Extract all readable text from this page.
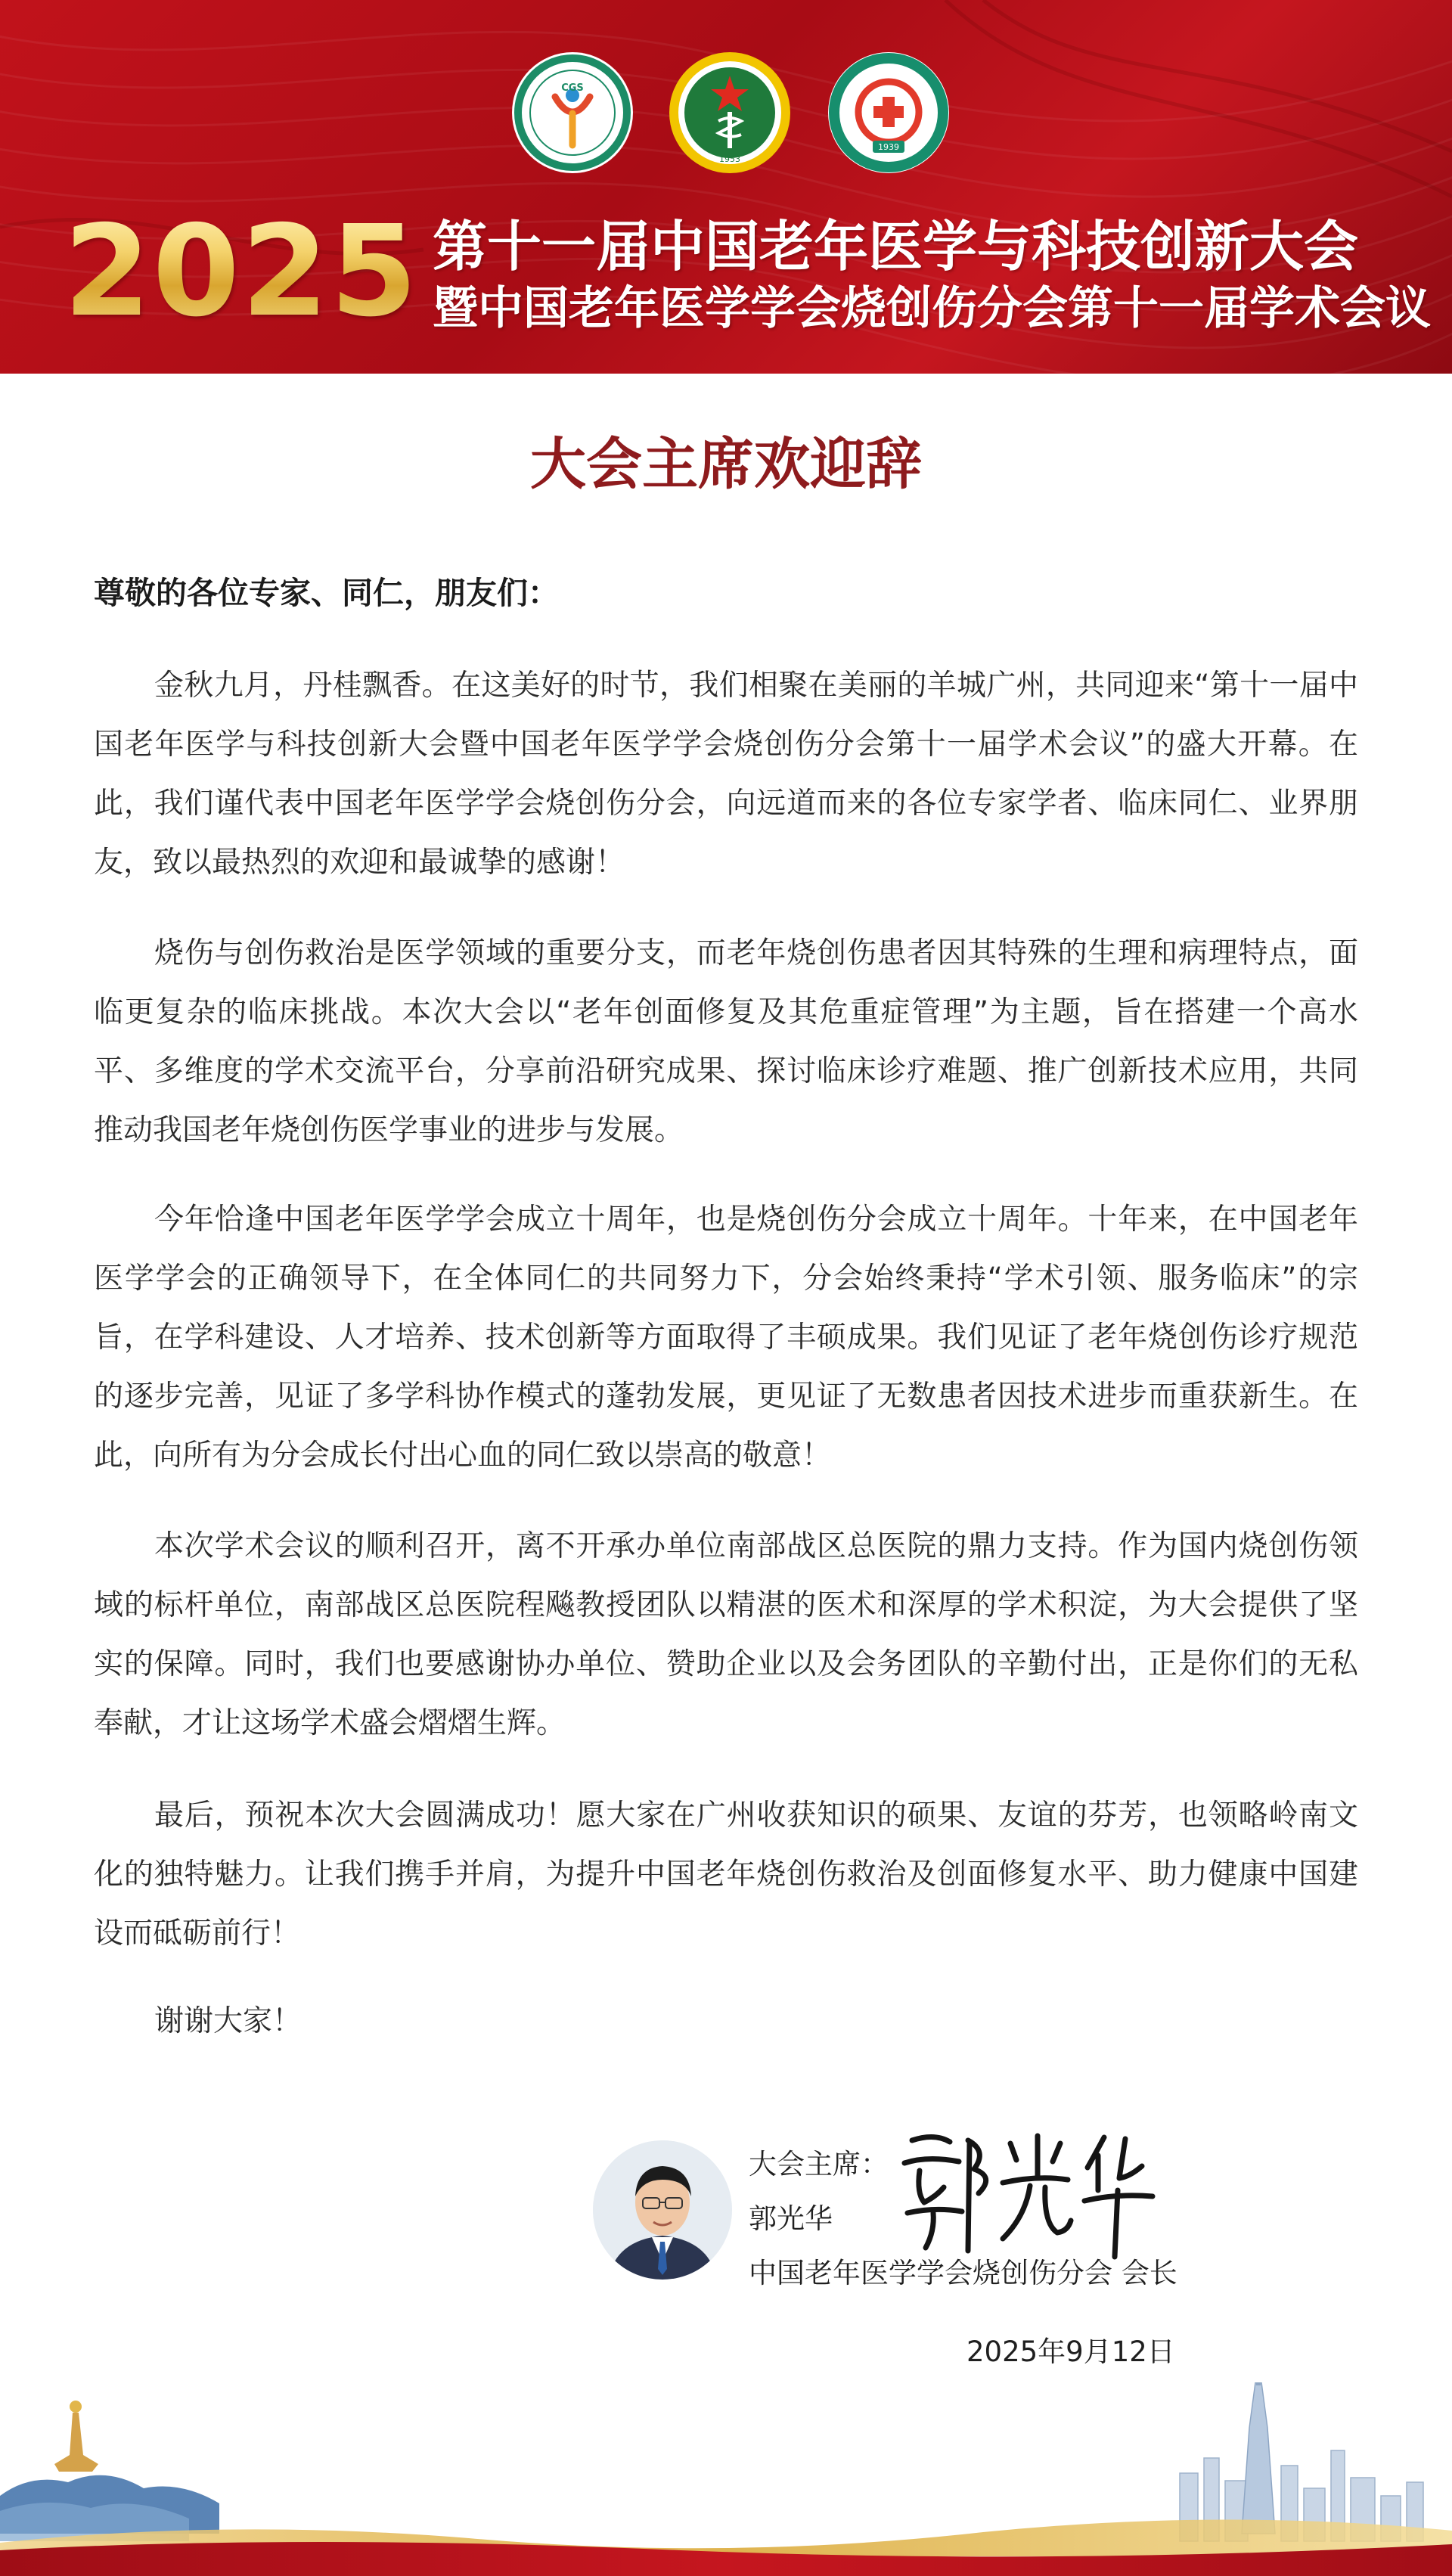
CGS
1953
1939
2025 第十一届中国老年医学与科技创新大会
暨中国老年医学学会烧创伤分会第十一届学术会议
大会主席欢迎辞
尊敬的各位专家、同仁，朋友们：

金秋九月，丹桂飘香。在这美好的时节，我们相聚在美丽的羊城广州，共同迎来“第十一届中国老年医学与科技创新大会暨中国老年医学学会烧创伤分会第十一届学术会议”的盛大开幕。在此，我们谨代表中国老年医学学会烧创伤分会，向远道而来的各位专家学者、临床同仁、业界朋友，致以最热烈的欢迎和最诚挚的感谢！

烧伤与创伤救治是医学领域的重要分支，而老年烧创伤患者因其特殊的生理和病理特点，面临更复杂的临床挑战。本次大会以“老年创面修复及其危重症管理”为主题，旨在搭建一个高水平、多维度的学术交流平台，分享前沿研究成果、探讨临床诊疗难题、推广创新技术应用，共同推动我国老年烧创伤医学事业的进步与发展。

今年恰逢中国老年医学学会成立十周年，也是烧创伤分会成立十周年。十年来，在中国老年医学学会的正确领导下，在全体同仁的共同努力下，分会始终秉持“学术引领、服务临床”的宗旨，在学科建设、人才培养、技术创新等方面取得了丰硕成果。我们见证了老年烧创伤诊疗规范的逐步完善，见证了多学科协作模式的蓬勃发展，更见证了无数患者因技术进步而重获新生。在此，向所有为分会成长付出心血的同仁致以崇高的敬意！

本次学术会议的顺利召开，离不开承办单位南部战区总医院的鼎力支持。作为国内烧创伤领域的标杆单位，南部战区总医院程飚教授团队以精湛的医术和深厚的学术积淀，为大会提供了坚实的保障。同时，我们也要感谢协办单位、赞助企业以及会务团队的辛勤付出，正是你们的无私奉献，才让这场学术盛会熠熠生辉。

最后，预祝本次大会圆满成功！愿大家在广州收获知识的硕果、友谊的芬芳，也领略岭南文化的独特魅力。让我们携手并肩，为提升中国老年烧创伤救治及创面修复水平、助力健康中国建设而砥砺前行！

谢谢大家！

大会主席：
郭光华
中国老年医学学会烧创伤分会 会长
2025年9月12日
